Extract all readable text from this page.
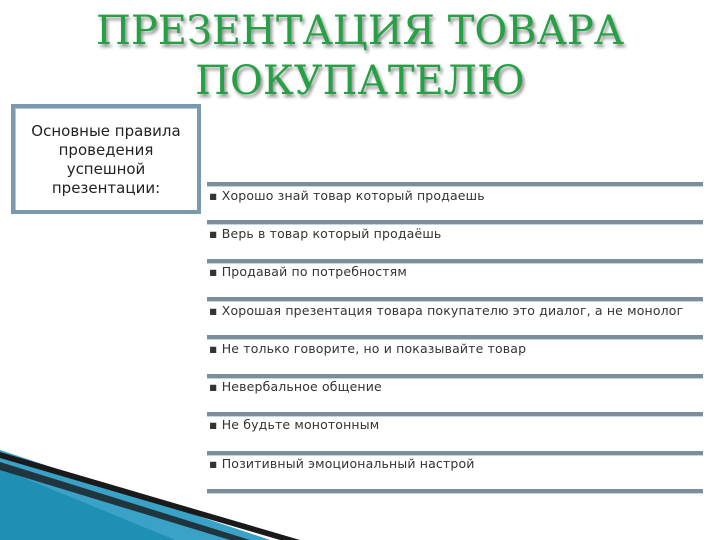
ПРЕЗЕНТАЦИЯ ТОВАРА
ПОКУПАТЕЛЮ
Основные правила
проведения
успешной
презентации:	▪ Хорошо знай товар который продаешь
▪ Верь в товар который продаёшь
▪ Продавай по потребностям
▪ Хорошая презентация товара покупателю это диалог, а не монолог
▪ Не только говорите, но и показывайте товар
▪ Невербальное общение
▪ Не будьте монотонным
▪ Позитивный эмоциональный настрой
